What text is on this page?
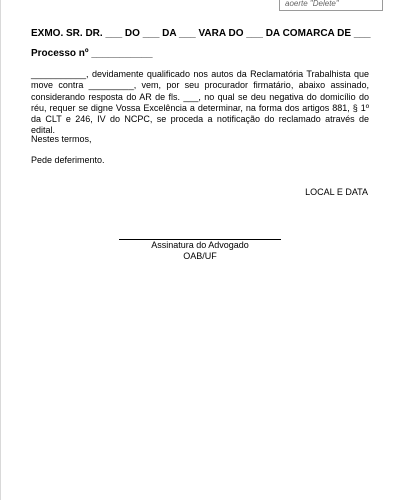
aoerte "Delete"
EXMO. SR. DR. ___ DO ___ DA ___ VARA DO ___ DA COMARCA DE ___
Processo nº ___________
___________, devidamente qualificado nos autos da Reclamatória Trabalhista que move contra _________, vem, por seu procurador firmatário, abaixo assinado, considerando resposta do AR de fls. ___, no qual se deu negativa do domicílio do réu, requer se digne Vossa Excelência a determinar, na forma dos artigos 881, § 1º da CLT e 246, IV do NCPC, se proceda a notificação do reclamado através de edital.
Nestes termos,
Pede deferimento.
LOCAL E DATA
Assinatura do Advogado
OAB/UF
